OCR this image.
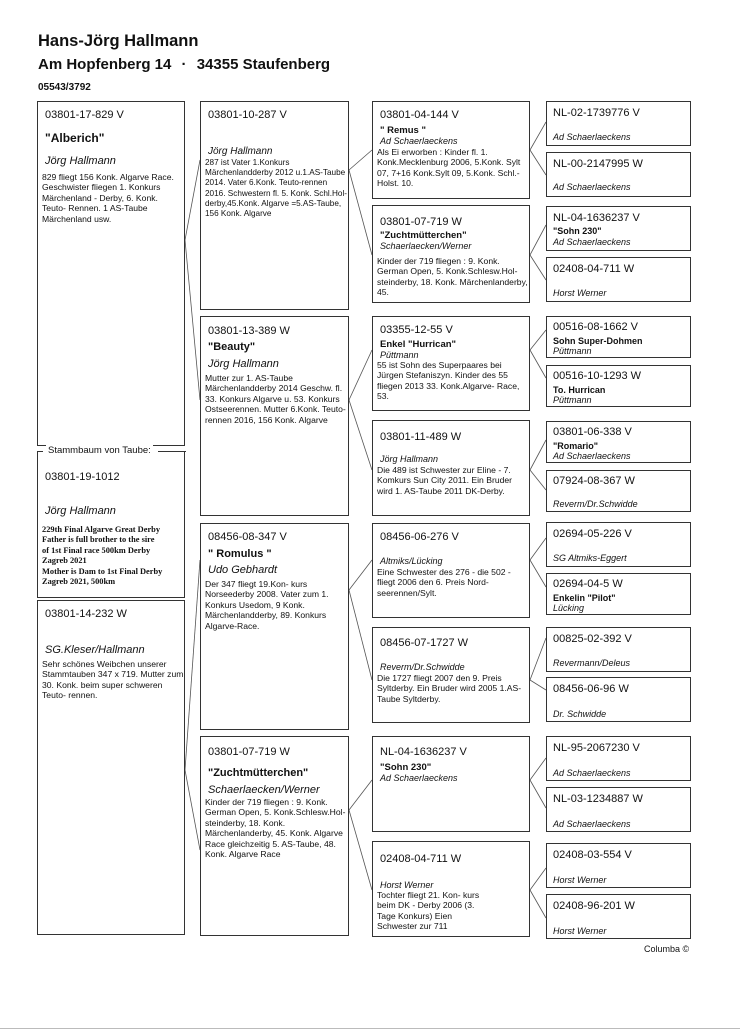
Hans-Jörg Hallmann
Am Hopfenberg 14 · 34355 Staufenberg
05543/3792
03801-17-829 V
"Alberich"
Jörg Hallmann
829 fliegt 156 Konk. Algarve Race. Geschwister fliegen 1. Konkurs Märchenland - Derby, 6. Konk. Teuto- Rennen. 1 AS-Taube Märchenland usw.
Stammbaum von Taube:
03801-19-1012
Jörg Hallmann
229th Final Algarve Great Derby
Father is full brother to the sire
of 1st Final race 500km Derby
Zagreb 2021
Mother is Dam to 1st Final Derby
Zagreb 2021, 500km
03801-14-232 W
SG.Kleser/Hallmann
Sehr schönes Weibchen unserer Stammtauben 347 x 719. Mutter zum 30. Konk. beim super schweren Teuto- rennen.
03801-10-287 V
Jörg Hallmann
287 ist Vater 1.Konkurs Märchenlandderby 2012 u.1.AS-Taube 2014. Vater 6.Konk. Teuto-rennen 2016. Schwestern fl. 5. Konk. Schl.Hol-derby,45.Konk. Algarve =5.AS-Taube, 156 Konk. Algarve
03801-13-389 W
"Beauty"
Jörg Hallmann
Mutter zur 1. AS-Taube Märchenlandderby 2014 Geschw. fl. 33. Konkurs Algarve u. 53. Konkurs Ostseerennen. Mutter 6.Konk. Teuto-rennen 2016, 156 Konk. Algarve
08456-08-347 V
" Romulus "
Udo Gebhardt
Der 347 fliegt 19.Kon- kurs Norseederby 2008. Vater zum 1. Konkurs Usedom, 9 Konk. Märchenlandderby, 89. Konkurs Algarve-Race.
03801-07-719 W
"Zuchtmütterchen"
Schaerlaecken/Werner
Kinder der 719 fliegen : 9. Konk. German Open, 5. Konk.Schlesw.Hol-steinderby, 18. Konk. Märchenlanderby, 45. Konk. Algarve Race gleichzeitig 5. AS-Taube, 48. Konk. Algarve Race
03801-04-144 V
" Remus "
Ad Schaerlaeckens
Als Ei erworben : Kinder fl. 1. Konk.Mecklenburg 2006, 5.Konk. Sylt 07, 7+16 Konk.Sylt 09, 5.Konk. Schl.-Holst. 10.
03801-07-719 W
"Zuchtmütterchen"
Schaerlaecken/Werner
Kinder der 719 fliegen : 9. Konk. German Open, 5. Konk.Schlesw.Hol-steinderby, 18. Konk. Märchenlanderby, 45.
03355-12-55 V
Enkel "Hurrican"
Püttmann
55 ist Sohn des Superpaares bei Jürgen Stefaniszyn. Kinder des 55 fliegen 2013 33. Konk.Algarve- Race, 53.
03801-11-489 W
Jörg Hallmann
Die 489 ist Schwester zur Eline - 7. Komkurs Sun City 2011. Ein Bruder wird 1. AS-Taube 2011 DK-Derby.
08456-06-276 V
Altmiks/Lücking
Eine Schwester des 276 - die 502 - fliegt 2006 den 6. Preis Nord- seerennen/Sylt.
08456-07-1727 W
Reverm/Dr.Schwidde
Die 1727 fliegt 2007 den 9. Preis Syltderby. Ein Bruder wird 2005 1.AS-Taube Syltderby.
NL-04-1636237 V
"Sohn 230"
Ad Schaerlaeckens
02408-04-711 W
Horst Werner
Tochter fliegt 21. Kon- kurs beim DK - Derby 2006 (3. Tage Konkurs) Eien Schwester zur 711
NL-02-1739776 V
Ad Schaerlaeckens
NL-00-2147995 W
Ad Schaerlaeckens
NL-04-1636237 V
"Sohn 230"
Ad Schaerlaeckens
02408-04-711 W
Horst Werner
00516-08-1662 V
Sohn Super-Dohmen
Püttmann
00516-10-1293 W
To. Hurrican
Püttmann
03801-06-338 V
"Romario"
Ad Schaerlaeckens
07924-08-367 W
Reverm/Dr.Schwidde
02694-05-226 V
SG Altmiks-Eggert
02694-04-5 W
Enkelin "Pilot"
Lücking
00825-02-392 V
Revermann/Deleus
08456-06-96 W
Dr. Schwidde
NL-95-2067230 V
Ad Schaerlaeckens
NL-03-1234887 W
Ad Schaerlaeckens
02408-03-554 V
Horst Werner
02408-96-201 W
Horst Werner
Columba ©
